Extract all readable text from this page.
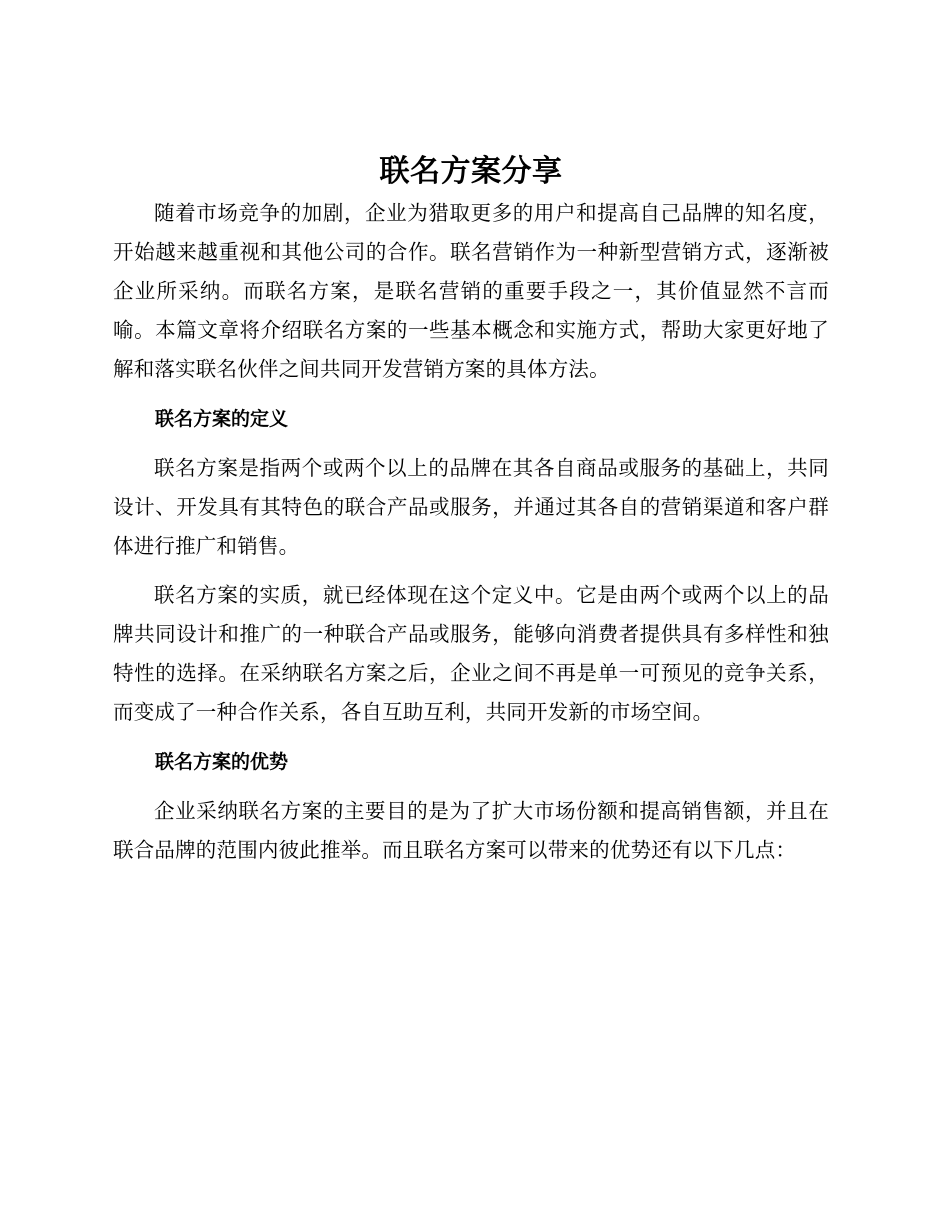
联名方案分享

随着市场竞争的加剧，企业为猎取更多的用户和提高自己品牌的知名度，开始越来越重视和其他公司的合作。联名营销作为一种新型营销方式，逐渐被企业所采纳。而联名方案，是联名营销的重要手段之一，其价值显然不言而喻。本篇文章将介绍联名方案的一些基本概念和实施方式，帮助大家更好地了解和落实联名伙伴之间共同开发营销方案的具体方法。

联名方案的定义

联名方案是指两个或两个以上的品牌在其各自商品或服务的基础上，共同设计、开发具有其特色的联合产品或服务，并通过其各自的营销渠道和客户群体进行推广和销售。

联名方案的实质，就已经体现在这个定义中。它是由两个或两个以上的品牌共同设计和推广的一种联合产品或服务，能够向消费者提供具有多样性和独特性的选择。在采纳联名方案之后，企业之间不再是单一可预见的竞争关系，而变成了一种合作关系，各自互助互利，共同开发新的市场空间。

联名方案的优势

企业采纳联名方案的主要目的是为了扩大市场份额和提高销售额，并且在联合品牌的范围内彼此推举。而且联名方案可以带来的优势还有以下几点：
